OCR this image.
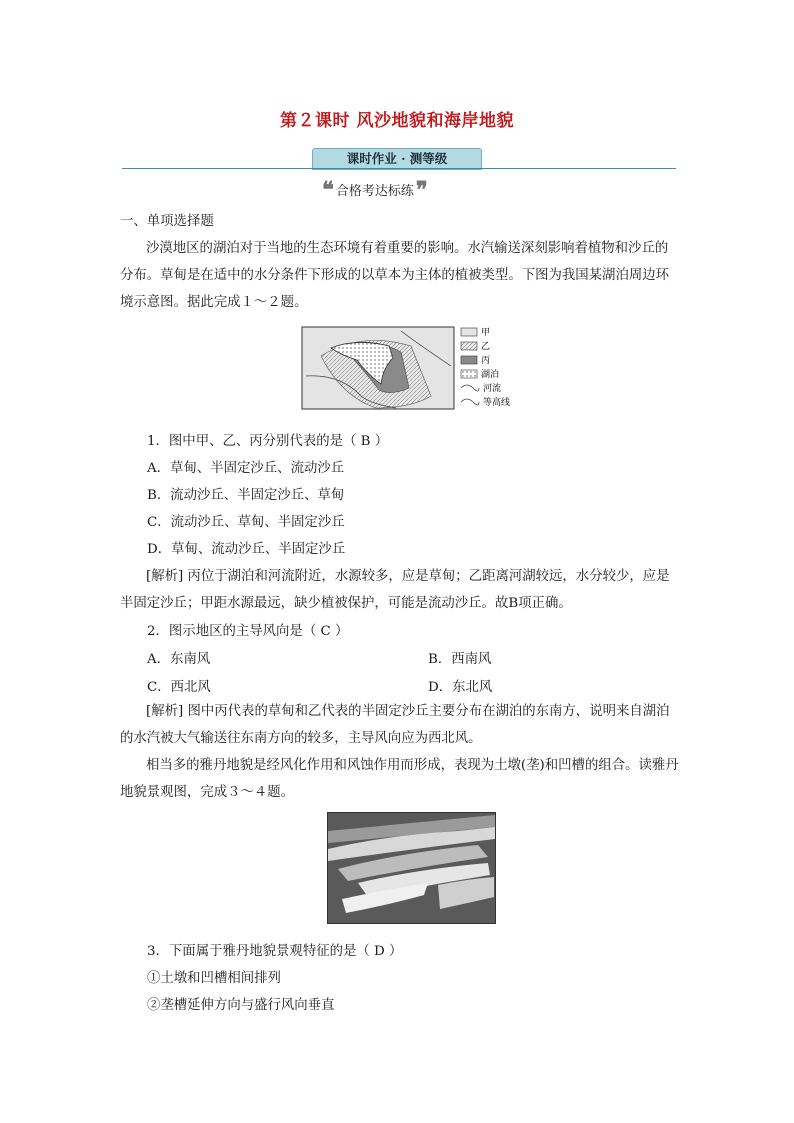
第２课时 风沙地貌和海岸地貌
课时作业 · 测等级
❝ 合格考达标练 ❞

一、单项选择题

沙漠地区的湖泊对于当地的生态环境有着重要的影响。水汽输送深刻影响着植物和沙丘的分布。草甸是在适中的水分条件下形成的以草本为主体的植被类型。下图为我国某湖泊周边环境示意图。据此完成１～２题。

甲
乙
丙
湖泊
河流
等高线
1．图中甲、乙、丙分别代表的是（ B ）
A．草甸、半固定沙丘、流动沙丘
B．流动沙丘、半固定沙丘、草甸
C．流动沙丘、草甸、半固定沙丘
D．草甸、流动沙丘、半固定沙丘

[解析] 丙位于湖泊和河流附近，水源较多，应是草甸；乙距离河湖较远，水分较少，应是半固定沙丘；甲距水源最远，缺少植被保护，可能是流动沙丘。故B项正确。

2．图示地区的主导风向是（ C ）
A．东南风	B．西南风
C．西北风	D．东北风

[解析] 图中丙代表的草甸和乙代表的半固定沙丘主要分布在湖泊的东南方，说明来自湖泊的水汽被大气输送往东南方向的较多，主导风向应为西北风。

相当多的雅丹地貌是经风化作用和风蚀作用而形成，表现为土墩(垄)和凹槽的组合。读雅丹地貌景观图，完成３～４题。

3．下面属于雅丹地貌景观特征的是（ D ）
①土墩和凹槽相间排列
②垄槽延伸方向与盛行风向垂直
